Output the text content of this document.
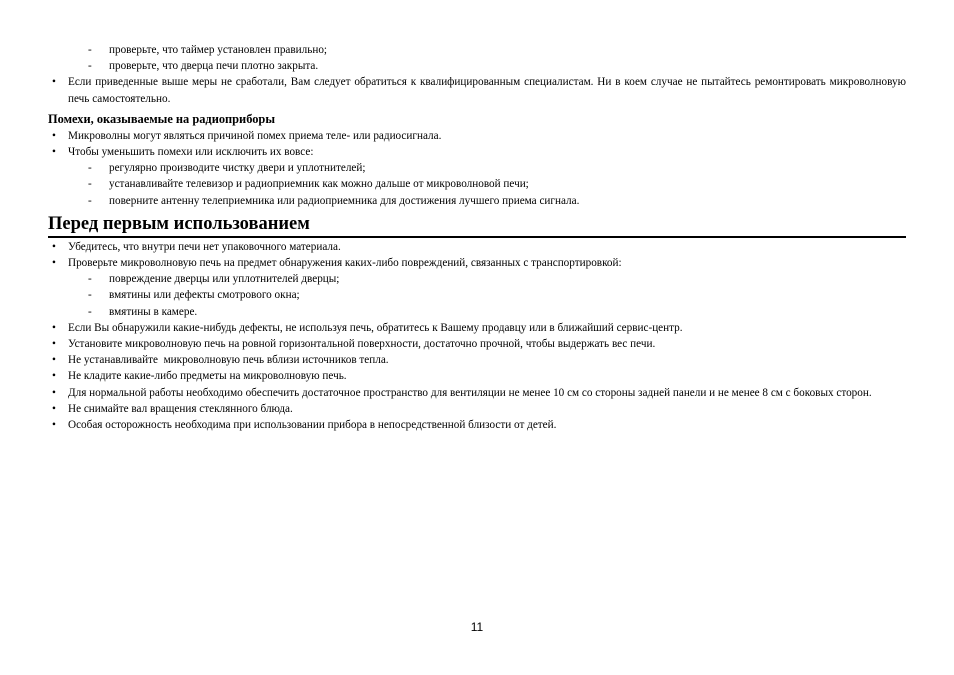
- проверьте, что таймер установлен правильно;
- проверьте, что дверца печи плотно закрыта.
•	Если приведенные выше меры не сработали, Вам следует обратиться к квалифицированным специалистам. Ни в коем случае не пытайтесь ремонтировать микроволновую печь самостоятельно.
Помехи, оказываемые на радиоприборы
•	Микроволны могут являться причиной помех приема теле- или радиосигнала.
•	Чтобы уменьшить помехи или исключить их вовсе:
- регулярно производите чистку двери и уплотнителей;
- устанавливайте телевизор и радиоприемник как можно дальше от микроволновой печи;
- поверните антенну телеприемника или радиоприемника для достижения лучшего приема сигнала.
Перед первым использованием
•	Убедитесь, что внутри печи нет упаковочного материала.
•	Проверьте микроволновую печь на предмет обнаружения каких-либо повреждений, связанных с транспортировкой:
- повреждение дверцы или уплотнителей дверцы;
- вмятины или дефекты смотрового окна;
- вмятины в камере.
•	Если Вы обнаружили какие-нибудь дефекты, не используя печь, обратитесь к Вашему продавцу или в ближайший сервис-центр.
•	Установите микроволновую печь на ровной горизонтальной поверхности, достаточно прочной, чтобы выдержать вес печи.
•	Не устанавливайте  микроволновую печь вблизи источников тепла.
•	Не кладите какие-либо предметы на микроволновую печь.
•	Для нормальной работы необходимо обеспечить достаточное пространство для вентиляции не менее 10 см со стороны задней панели и не менее 8 см с боковых сторон.
•	Не снимайте вал вращения стеклянного блюда.
•	Особая осторожность необходима при использовании прибора в непосредственной близости от детей.
11
